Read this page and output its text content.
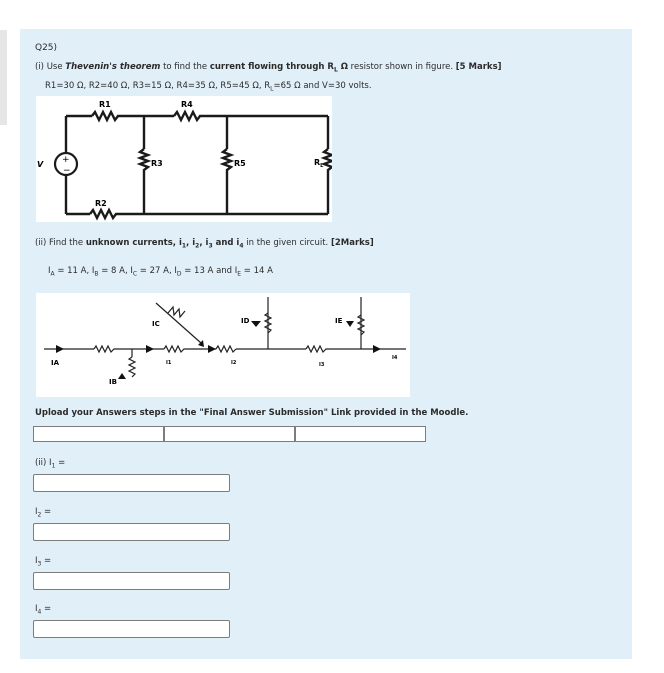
Q25)
(i) Use Thevenin's theorem to find the current flowing through $R_L$ Ω resistor shown in figure. [5 Marks]
R1=30 Ω, R2=40 Ω, R3=15 Ω, R4=35 Ω, R5=45 Ω, $R_L=65$ Ω and V=30 volts.
+
−
V
R1	R4
R3	R5	$R_L$
R2
(ii) Find the unknown currents, $i_1$, $i_2$, $i_3$ and $i_4$ in the given circuit. [2Marks]
$I_A = 11$ A, $I_B = 8$ A, $I_C = 27$ A, $I_D = 13$ A and $I_E = 14$ A
IA
IB
IC	ID	IE
I1	I2	I3
I4
Upload your Answers steps in the "Final Answer Submission" Link provided in the Moodle.
(ii) $I_1$ =
$I_2$ =
$I_3$ =
$I_4$ =
